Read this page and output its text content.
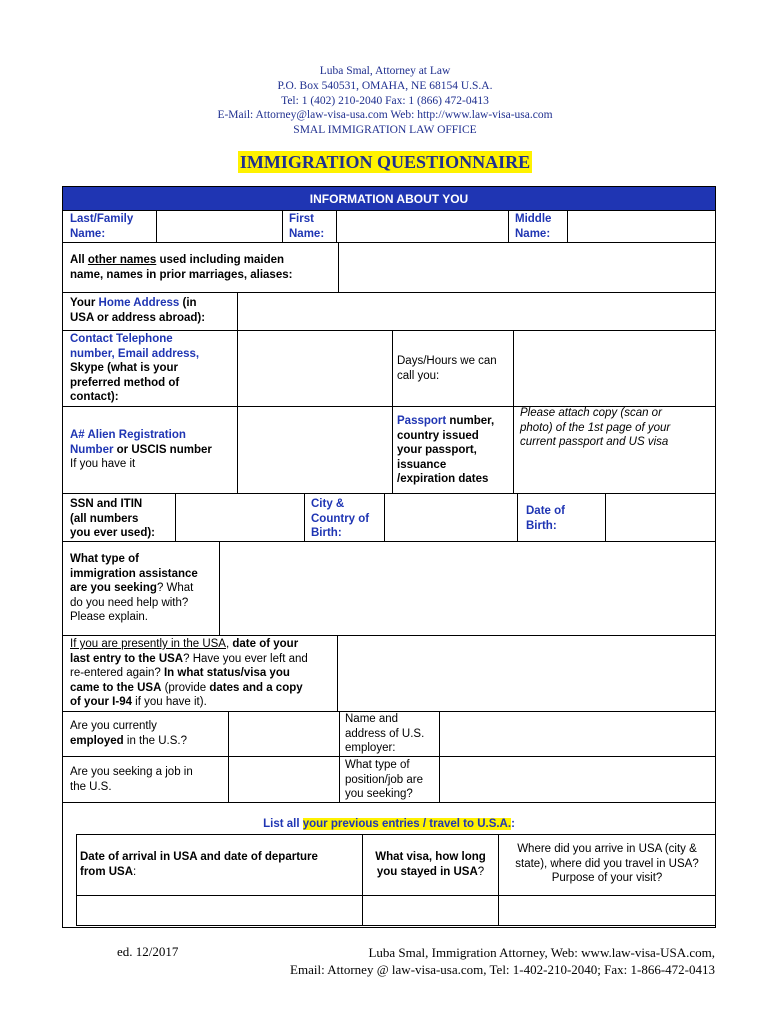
Luba Smal, Attorney at Law
P.O. Box 540531, OMAHA, NE 68154 U.S.A.
Tel: 1 (402) 210-2040 Fax: 1 (866) 472-0413
E-Mail: Attorney@law-visa-usa.com Web: http://www.law-visa-usa.com
SMAL IMMIGRATION LAW OFFICE
IMMIGRATION QUESTIONNAIRE
INFORMATION ABOUT YOU
Last/Family
Name:
First
Name:
Middle
Name:
All other names used including maiden
name, names in prior marriages, aliases:
Your Home Address (in
USA or address abroad):
Contact Telephone
number, Email address,
Skype (what is your
preferred method of
contact):
Days/Hours we can
call you:
A# Alien Registration
Number or USCIS number
If you have it
Passport number,
country issued
your passport,
issuance
/expiration dates
Please attach copy (scan or
photo) of the 1st page of your
current passport and US visa
SSN and ITIN
(all numbers
you ever used):
City &
Country of
Birth:
Date of
Birth:
What type of
immigration assistance
are you seeking? What
do you need help with?
Please explain.
If you are presently in the USA, date of your
last entry to the USA? Have you ever left and
re-entered again? In what status/visa you
came to the USA (provide dates and a copy
of your I-94 if you have it).
Are you currently
employed in the U.S.?
Name and
address of U.S.
employer:
Are you seeking a job in
the U.S.
What type of
position/job are
you seeking?
List all your previous entries / travel to U.S.A.:
Date of arrival in USA and date of departure
from USA:
What visa, how long
you stayed in USA?
Where did you arrive in USA (city &
state), where did you travel in USA?
Purpose of your visit?
ed. 12/2017	Luba Smal, Immigration Attorney, Web: www.law-visa-USA.com,
Email: Attorney @ law-visa-usa.com, Tel: 1-402-210-2040; Fax: 1-866-472-0413
